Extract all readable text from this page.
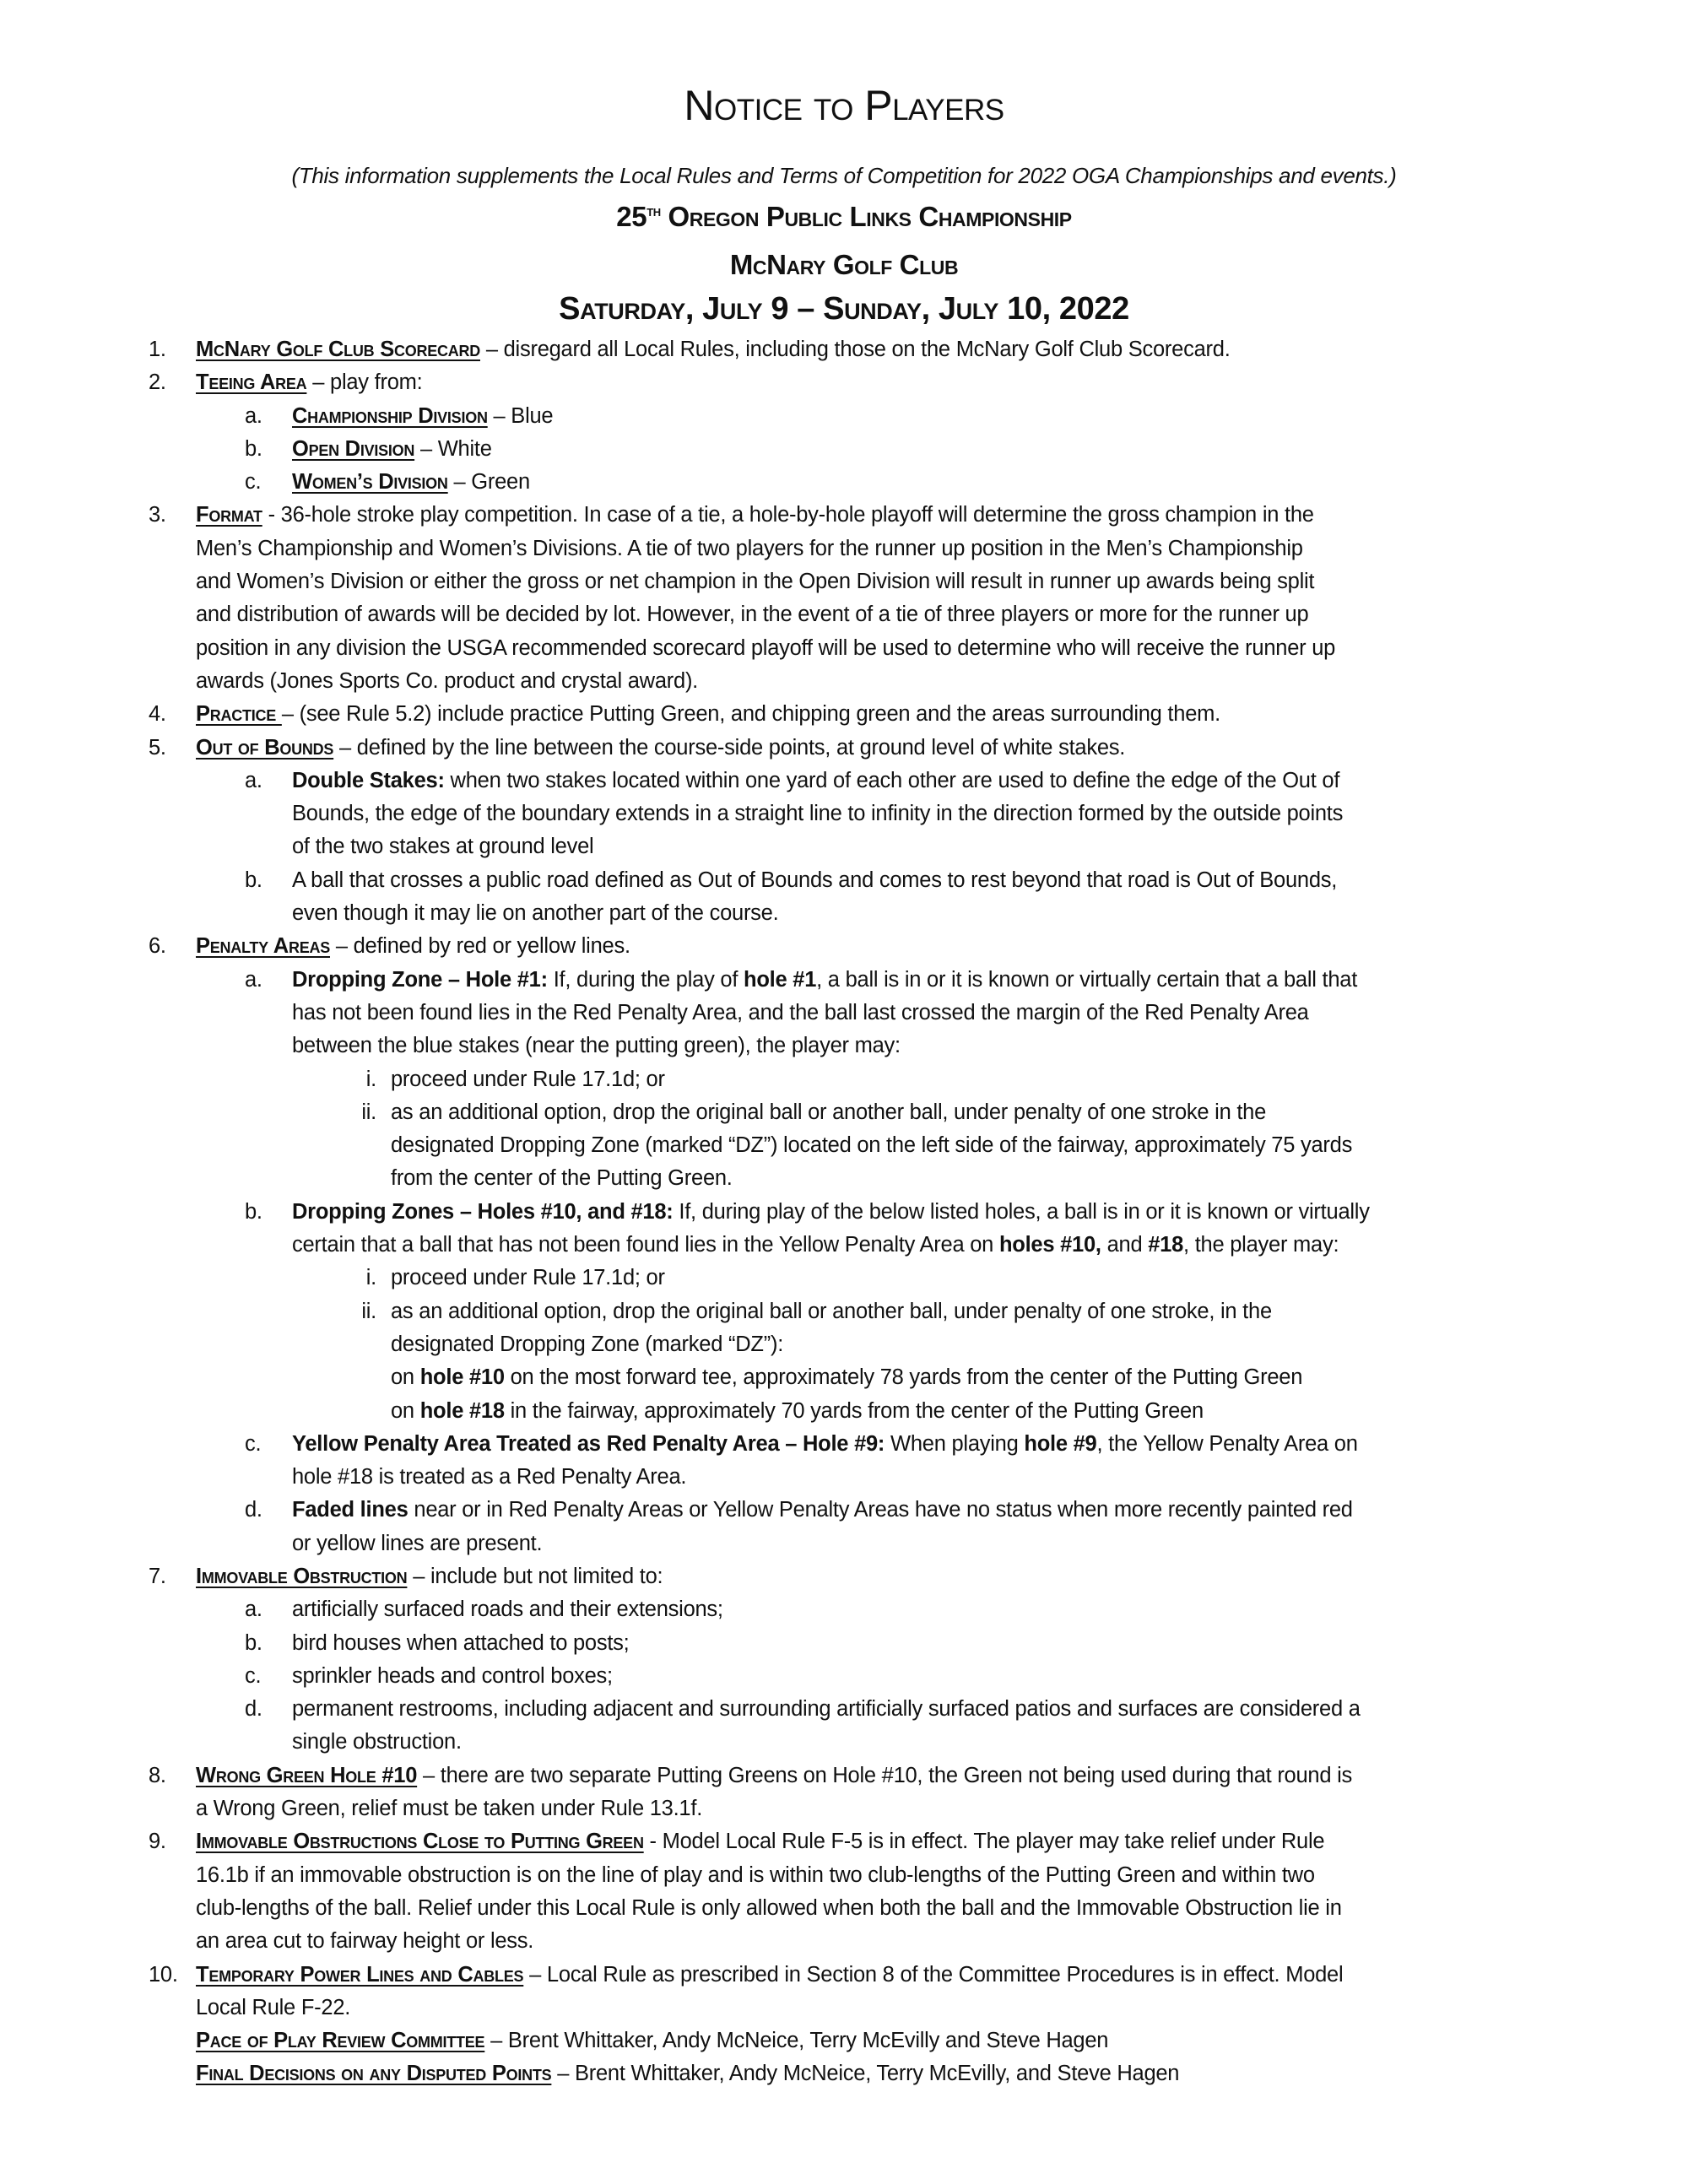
Notice to Players
(This information supplements the Local Rules and Terms of Competition for 2022 OGA Championships and events.)
25th Oregon Public Links Championship
McNary Golf Club
Saturday, July 9 – Sunday, July 10, 2022
1. McNary Golf Club Scorecard – disregard all Local Rules, including those on the McNary Golf Club Scorecard.
2. Teeing Area – play from:
a. Championship Division – Blue
b. Open Division – White
c. Women’s Division – Green
3. Format - 36-hole stroke play competition. In case of a tie, a hole-by-hole playoff will determine the gross champion in the
Men’s Championship and Women’s Divisions. A tie of two players for the runner up position in the Men’s Championship
and Women’s Division or either the gross or net champion in the Open Division will result in runner up awards being split
and distribution of awards will be decided by lot. However, in the event of a tie of three players or more for the runner up
position in any division the USGA recommended scorecard playoff will be used to determine who will receive the runner up
awards (Jones Sports Co. product and crystal award).
4. Practice – (see Rule 5.2) include practice Putting Green, and chipping green and the areas surrounding them.
5. Out of Bounds – defined by the line between the course-side points, at ground level of white stakes.
a. Double Stakes: when two stakes located within one yard of each other are used to define the edge of the Out of
Bounds, the edge of the boundary extends in a straight line to infinity in the direction formed by the outside points
of the two stakes at ground level
b. A ball that crosses a public road defined as Out of Bounds and comes to rest beyond that road is Out of Bounds,
even though it may lie on another part of the course.
6. Penalty Areas – defined by red or yellow lines.
a. Dropping Zone – Hole #1: If, during the play of hole #1, a ball is in or it is known or virtually certain that a ball that
has not been found lies in the Red Penalty Area, and the ball last crossed the margin of the Red Penalty Area
between the blue stakes (near the putting green), the player may:
i. proceed under Rule 17.1d; or
ii. as an additional option, drop the original ball or another ball, under penalty of one stroke in the
designated Dropping Zone (marked “DZ”) located on the left side of the fairway, approximately 75 yards
from the center of the Putting Green.
b. Dropping Zones – Holes #10, and #18: If, during play of the below listed holes, a ball is in or it is known or virtually
certain that a ball that has not been found lies in the Yellow Penalty Area on holes #10, and #18, the player may:
i. proceed under Rule 17.1d; or
ii. as an additional option, drop the original ball or another ball, under penalty of one stroke, in the
designated Dropping Zone (marked “DZ”):
on hole #10 on the most forward tee, approximately 78 yards from the center of the Putting Green
on hole #18 in the fairway, approximately 70 yards from the center of the Putting Green
c. Yellow Penalty Area Treated as Red Penalty Area – Hole #9: When playing hole #9, the Yellow Penalty Area on
hole #18 is treated as a Red Penalty Area.
d. Faded lines near or in Red Penalty Areas or Yellow Penalty Areas have no status when more recently painted red
or yellow lines are present.
7. Immovable Obstruction – include but not limited to:
a. artificially surfaced roads and their extensions;
b. bird houses when attached to posts;
c. sprinkler heads and control boxes;
d. permanent restrooms, including adjacent and surrounding artificially surfaced patios and surfaces are considered a
single obstruction.
8. Wrong Green Hole #10 – there are two separate Putting Greens on Hole #10, the Green not being used during that round is
a Wrong Green, relief must be taken under Rule 13.1f.
9. Immovable Obstructions Close to Putting Green - Model Local Rule F-5 is in effect. The player may take relief under Rule
16.1b if an immovable obstruction is on the line of play and is within two club-lengths of the Putting Green and within two
club-lengths of the ball. Relief under this Local Rule is only allowed when both the ball and the Immovable Obstruction lie in
an area cut to fairway height or less.
10. Temporary Power Lines and Cables – Local Rule as prescribed in Section 8 of the Committee Procedures is in effect. Model
Local Rule F-22.
Pace of Play Review Committee – Brent Whittaker, Andy McNeice, Terry McEvilly and Steve Hagen
Final Decisions on any Disputed Points – Brent Whittaker, Andy McNeice, Terry McEvilly, and Steve Hagen
